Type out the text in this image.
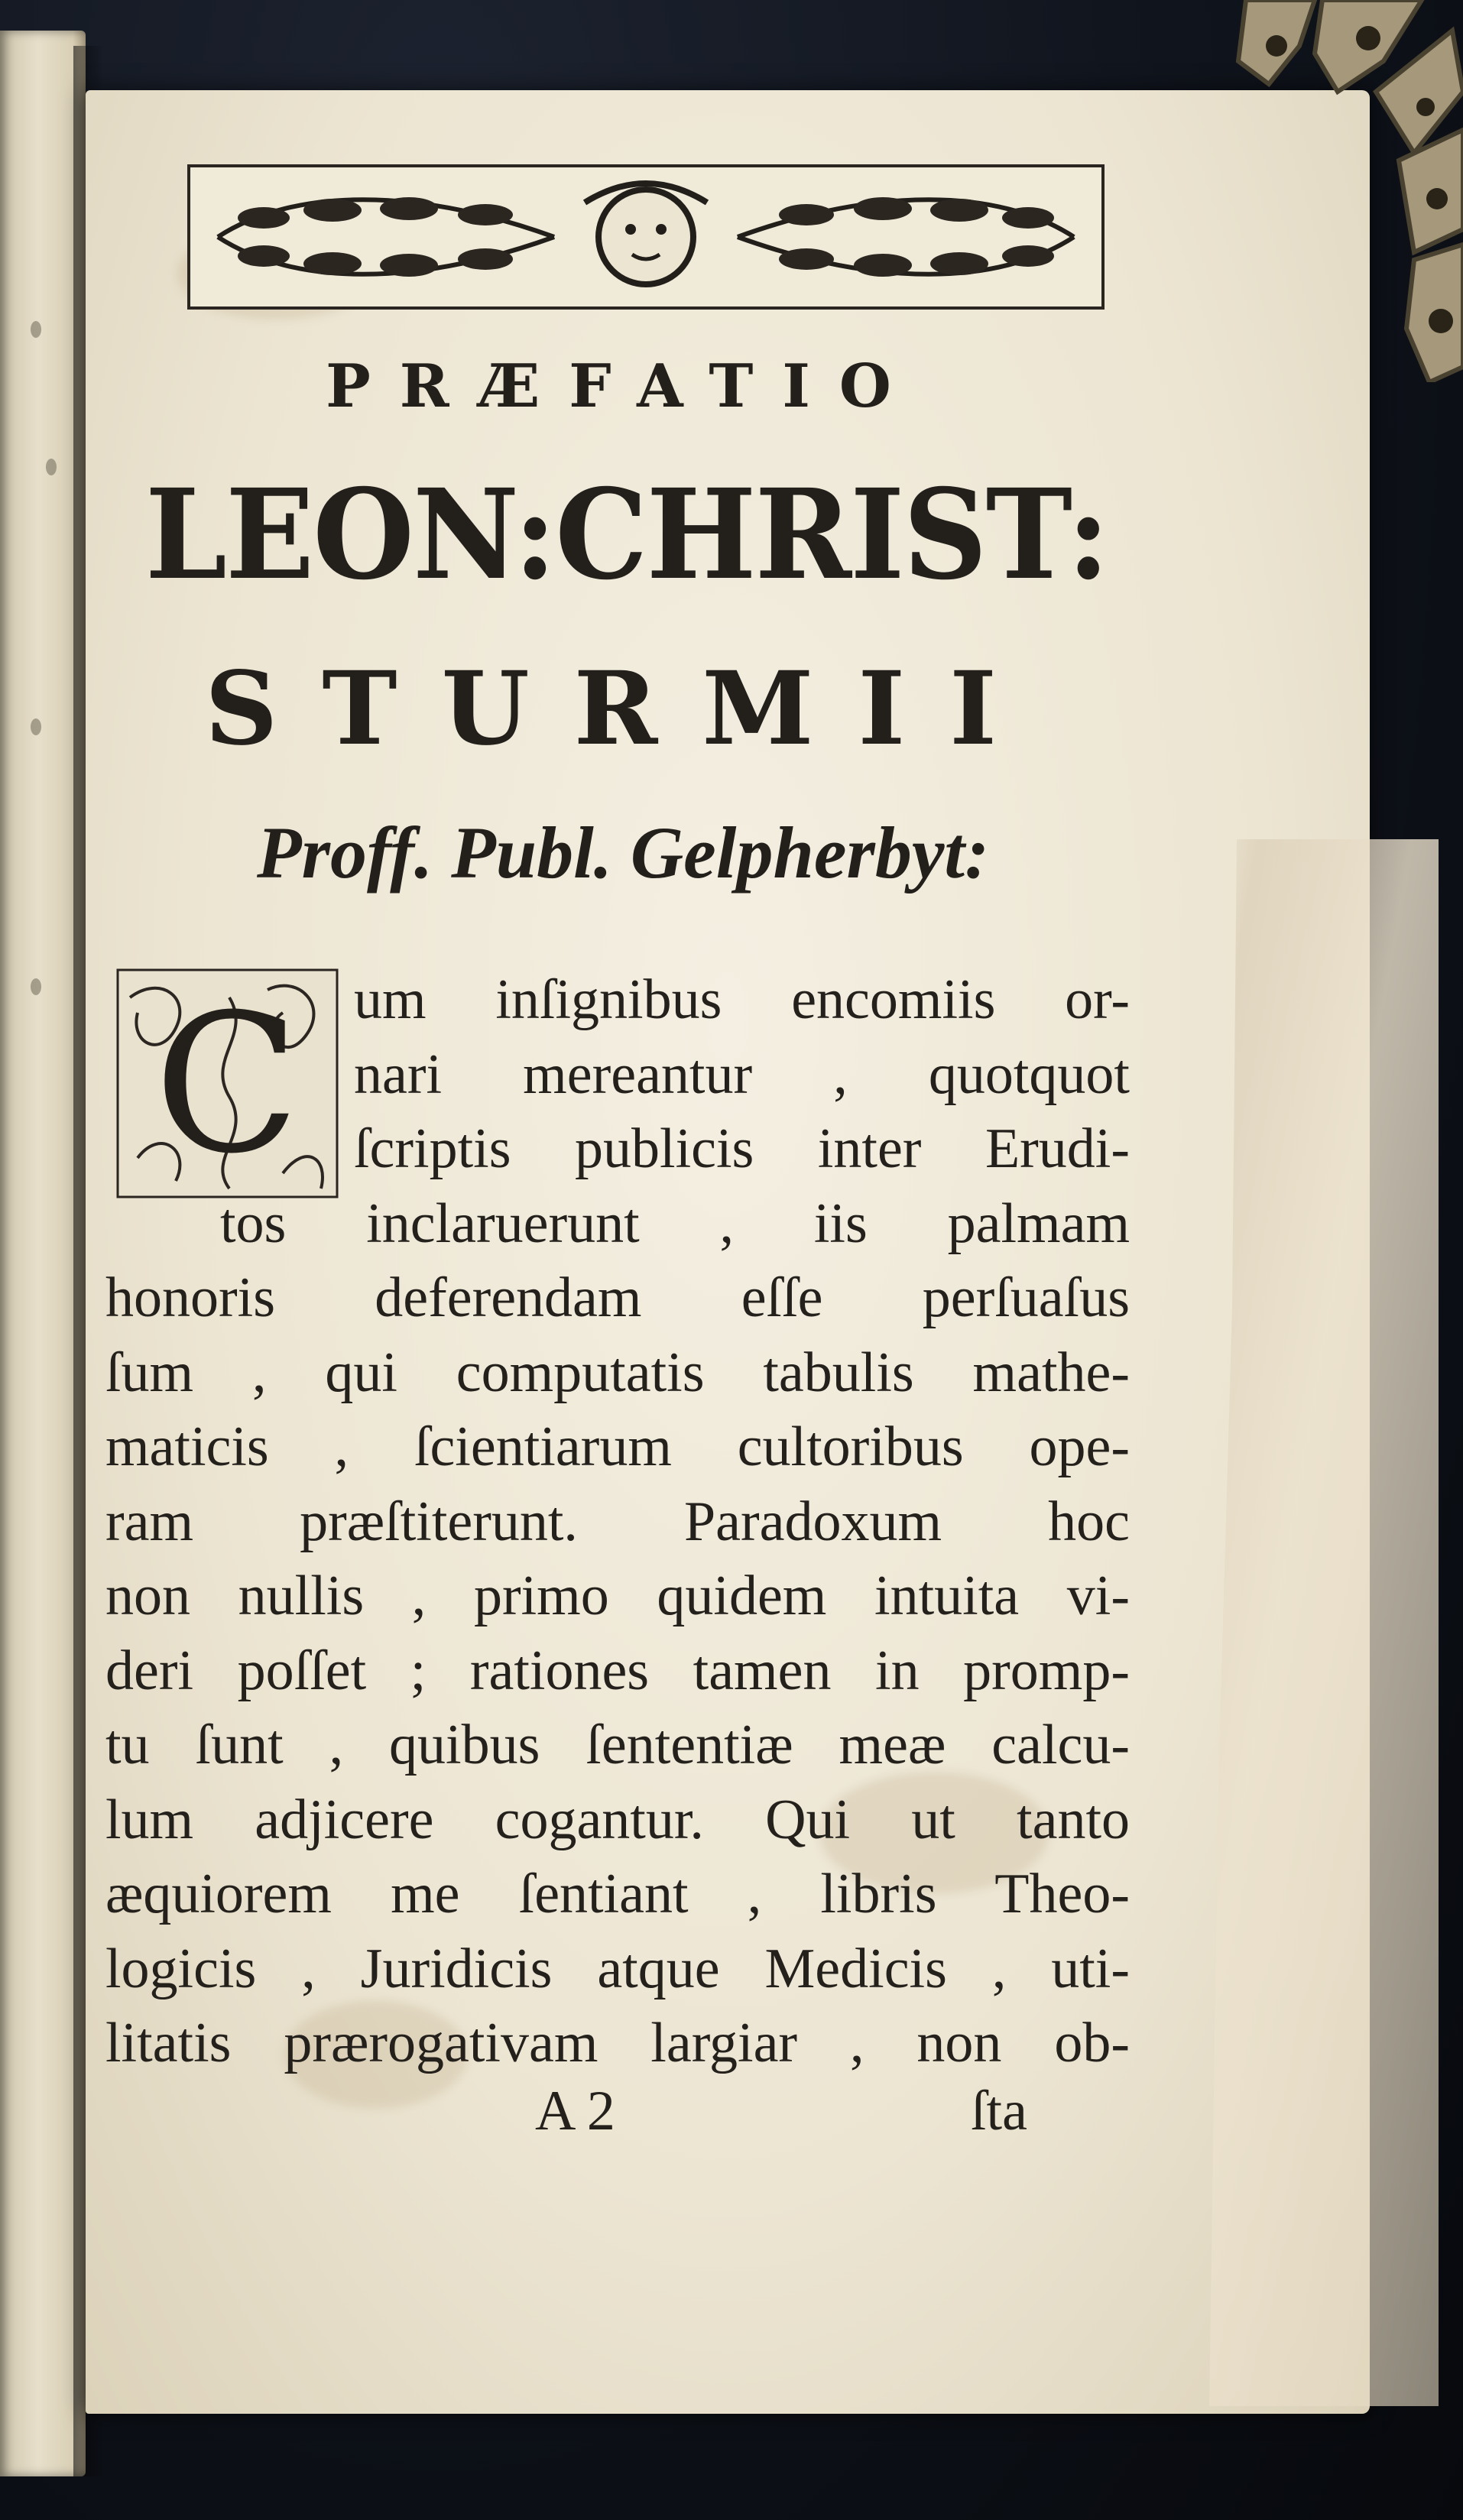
PRÆFATIO
LEON:CHRIST:
STURMII
Proff. Publ. Gelpherbyt:
C um inſignibus encomiis or-
nari mereantur , quotquot
ſcriptis publicis inter Erudi-
tos inclaruerunt , iis palmam
honoris deferendam eſſe perſuaſus
ſum , qui computatis tabulis mathe-
maticis , ſcientiarum cultoribus ope-
ram præſtiterunt. Paradoxum hoc
non nullis , primo quidem intuita vi-
deri poſſet ; rationes tamen in promp-
tu ſunt , quibus ſententiæ meæ calcu-
lum adjicere cogantur. Qui ut tanto
æquiorem me ſentiant , libris Theo-
logicis , Juridicis atque Medicis , uti-
litatis prærogativam largiar , non ob-
A 2	ſta
